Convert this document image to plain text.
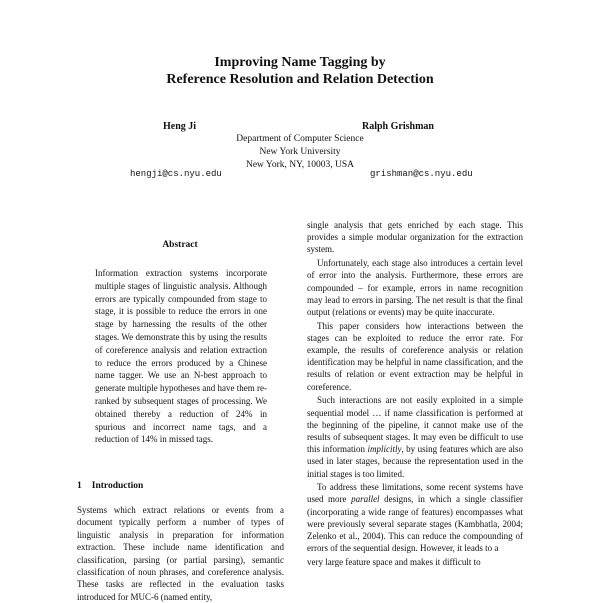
Improving Name Tagging by
Reference Resolution and Relation Detection
Heng Ji	Ralph Grishman
Department of Computer Science
New York University
New York, NY, 10003, USA
hengji@cs.nyu.edu	grishman@cs.nyu.edu
Abstract
Information extraction systems incorporate multiple stages of linguistic analysis. Although errors are typically compounded from stage to stage, it is possible to reduce the errors in one stage by harnessing the results of the other stages. We demonstrate this by using the results of coreference analysis and relation extraction to reduce the errors produced by a Chinese name tagger. We use an N-best approach to generate multiple hypotheses and have them re-ranked by subsequent stages of processing. We obtained thereby a reduction of 24% in spurious and incorrect name tags, and a reduction of 14% in missed tags.
1 Introduction
Systems which extract relations or events from a document typically perform a number of types of linguistic analysis in preparation for information extraction. These include name identification and classification, parsing (or partial parsing), semantic classification of noun phrases, and coreference analysis. These tasks are reflected in the evaluation tasks introduced for MUC-6 (named entity,

single analysis that gets enriched by each stage. This provides a simple modular organization for the extraction system.

Unfortunately, each stage also introduces a certain level of error into the analysis. Furthermore, these errors are compounded – for example, errors in name recognition may lead to errors in parsing. The net result is that the final output (relations or events) may be quite inaccurate.

This paper considers how interactions between the stages can be exploited to reduce the error rate. For example, the results of coreference analysis or relation identification may be helpful in name classification, and the results of relation or event extraction may be helpful in coreference.

Such interactions are not easily exploited in a simple sequential model … if name classification is performed at the beginning of the pipeline, it cannot make use of the results of subsequent stages. It may even be difficult to use this information implicitly, by using features which are also used in later stages, because the representation used in the initial stages is too limited.

To address these limitations, some recent systems have used more parallel designs, in which a single classifier (incorporating a wide range of features) encompasses what were previously several separate stages (Kambhatla, 2004; Zelenko et al., 2004). This can reduce the compounding of errors of the sequential design. However, it leads to a

very large feature space and makes it difficult to
